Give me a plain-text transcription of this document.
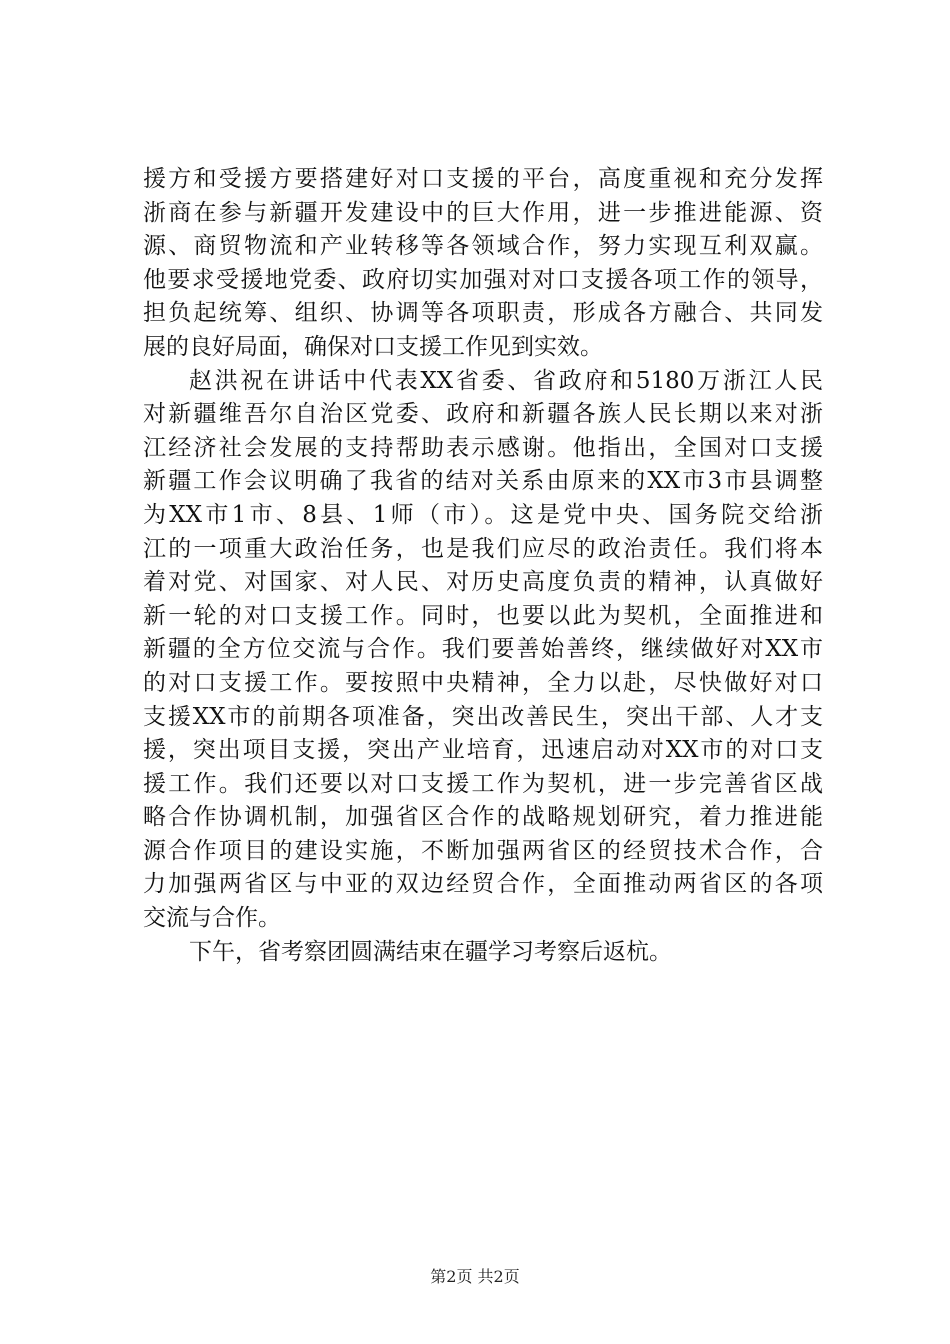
援方和受援方要搭建好对口支援的平台，高度重视和充分发挥
浙商在参与新疆开发建设中的巨大作用，进一步推进能源、资
源、商贸物流和产业转移等各领域合作，努力实现互利双赢。
他要求受援地党委、政府切实加强对对口支援各项工作的领导，
担负起统筹、组织、协调等各项职责，形成各方融合、共同发
展的良好局面，确保对口支援工作见到实效。
赵洪祝在讲话中代表XX省委、省政府和5180万浙江人民
对新疆维吾尔自治区党委、政府和新疆各族人民长期以来对浙
江经济社会发展的支持帮助表示感谢。他指出，全国对口支援
新疆工作会议明确了我省的结对关系由原来的XX市3市县调整
为XX市1市、8县、1师（市）。这是党中央、国务院交给浙
江的一项重大政治任务，也是我们应尽的政治责任。我们将本
着对党、对国家、对人民、对历史高度负责的精神，认真做好
新一轮的对口支援工作。同时，也要以此为契机，全面推进和
新疆的全方位交流与合作。我们要善始善终，继续做好对XX市
的对口支援工作。要按照中央精神，全力以赴，尽快做好对口
支援XX市的前期各项准备，突出改善民生，突出干部、人才支
援，突出项目支援，突出产业培育，迅速启动对XX市的对口支
援工作。我们还要以对口支援工作为契机，进一步完善省区战
略合作协调机制，加强省区合作的战略规划研究，着力推进能
源合作项目的建设实施，不断加强两省区的经贸技术合作，合
力加强两省区与中亚的双边经贸合作，全面推动两省区的各项
交流与合作。
下午，省考察团圆满结束在疆学习考察后返杭。
第2页 共2页
